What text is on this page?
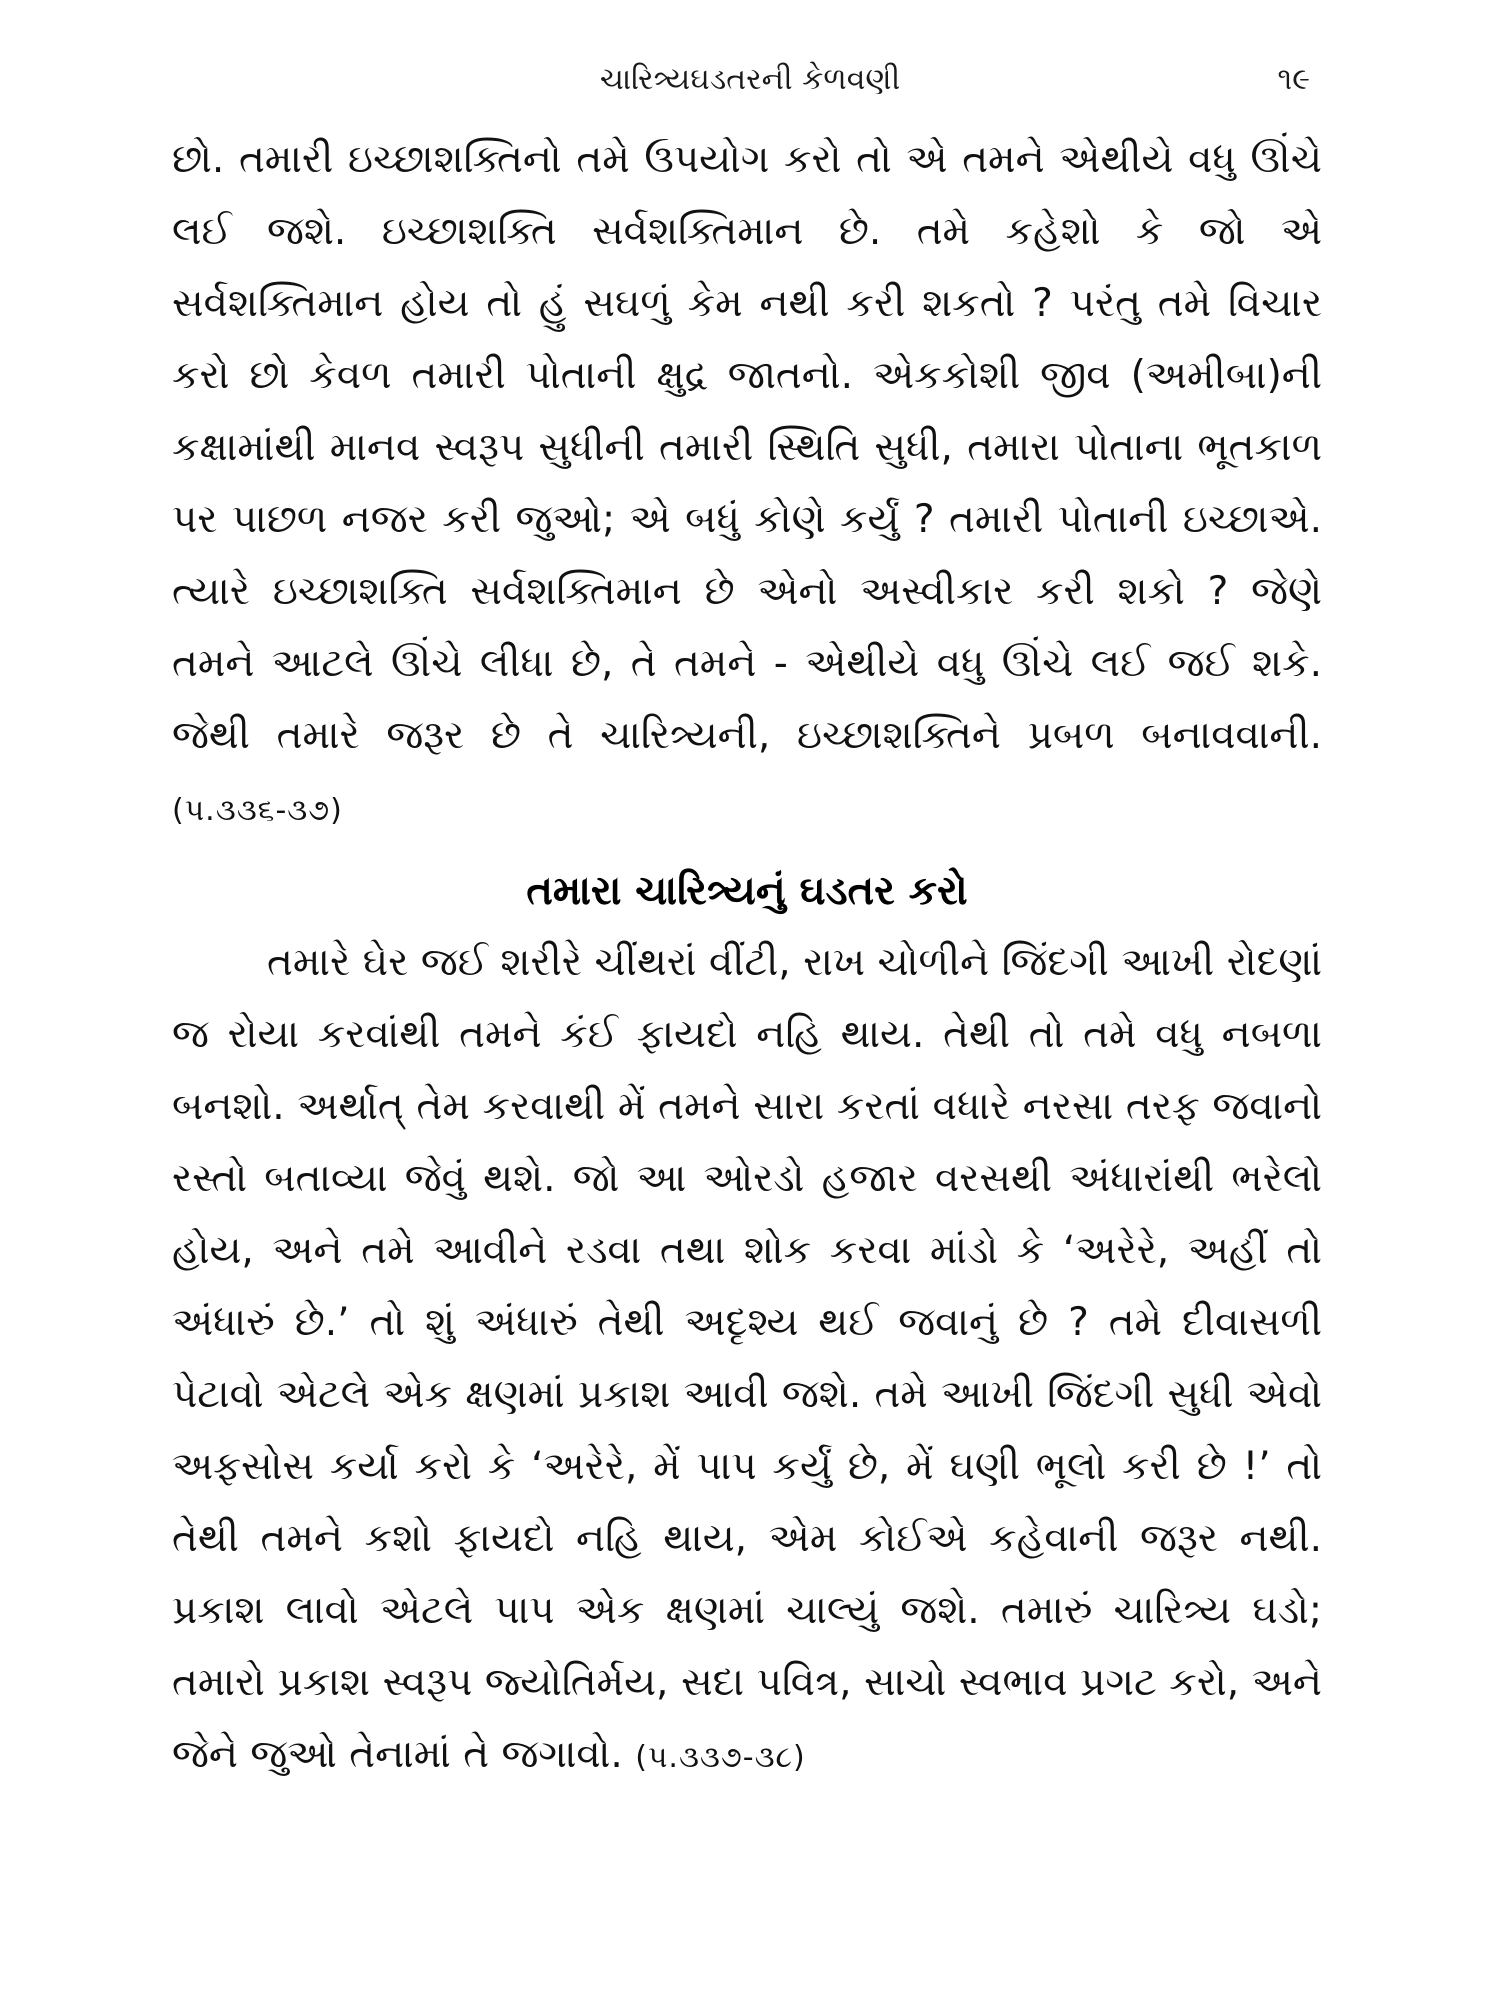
ચારિત્ર્યઘડતરની કેળવણી	૧૯

છો. તમારી ઇચ્છાશક્તિનો તમે ઉપયોગ કરો તો એ તમને એથીયે વધુ ઊંચે લઈ જશે. ઇચ્છાશક્તિ સર્વશક્તિમાન છે. તમે કહેશો કે જો એ સર્વશક્તિમાન હોય તો હું સઘળું કેમ નથી કરી શકતો ? પરંતુ તમે વિચાર કરો છો કેવળ તમારી પોતાની ક્ષુદ્ર જાતનો. એકકોશી જીવ (અમીબા)ની કક્ષામાંથી માનવ સ્વરૂપ સુધીની તમારી સ્થિતિ સુધી, તમારા પોતાના ભૂતકાળ પર પાછળ નજર કરી જુઓ; એ બધું કોણે કર્યું ? તમારી પોતાની ઇચ્છાએ. ત્યારે ઇચ્છાશક્તિ સર્વશક્તિમાન છે એનો અસ્વીકાર કરી શકો ? જેણે તમને આટલે ઊંચે લીધા છે, તે તમને - એથીયે વધુ ઊંચે લઈ જઈ શકે. જેથી તમારે જરૂર છે તે ચારિત્ર્યની, ઇચ્છાશક્તિને પ્રબળ બનાવવાની. (પ.૩૩૬-૩૭)

તમારા ચારિત્ર્યનું ઘડતર કરો

તમારે ઘેર જઈ શરીરે ચીંથરાં વીંટી, રાખ ચોળીને જિંદગી આખી રોદણાં જ રોયા કરવાંથી તમને કંઈ ફાયદો નહિ થાય. તેથી તો તમે વધુ નબળા બનશો. અર્થાત્ તેમ કરવાથી મેં તમને સારા કરતાં વધારે નરસા તરફ જવાનો રસ્તો બતાવ્યા જેવું થશે. જો આ ઓરડો હજાર વરસથી અંધારાંથી ભરેલો હોય, અને તમે આવીને રડવા તથા શોક કરવા માંડો કે ‘અરેરે, અહીં તો અંધારું છે.’ તો શું અંધારું તેથી અદૃશ્ય થઈ જવાનું છે ? તમે દીવાસળી પેટાવો એટલે એક ક્ષણમાં પ્રકાશ આવી જશે. તમે આખી જિંદગી સુધી એવો અફસોસ કર્યા કરો કે ‘અરેરે, મેં પાપ કર્યું છે, મેં ઘણી ભૂલો કરી છે !’ તો તેથી તમને કશો ફાયદો નહિ થાય, એમ કોઈએ કહેવાની જરૂર નથી. પ્રકાશ લાવો એટલે પાપ એક ક્ષણમાં ચાલ્યું જશે. તમારું ચારિત્ર્ય ઘડો; તમારો પ્રકાશ સ્વરૂપ જ્યોતિર્મય, સદા પવિત્ર, સાચો સ્વભાવ પ્રગટ કરો, અને જેને જુઓ તેનામાં તે જગાવો. (પ.૩૩૭-૩૮)
